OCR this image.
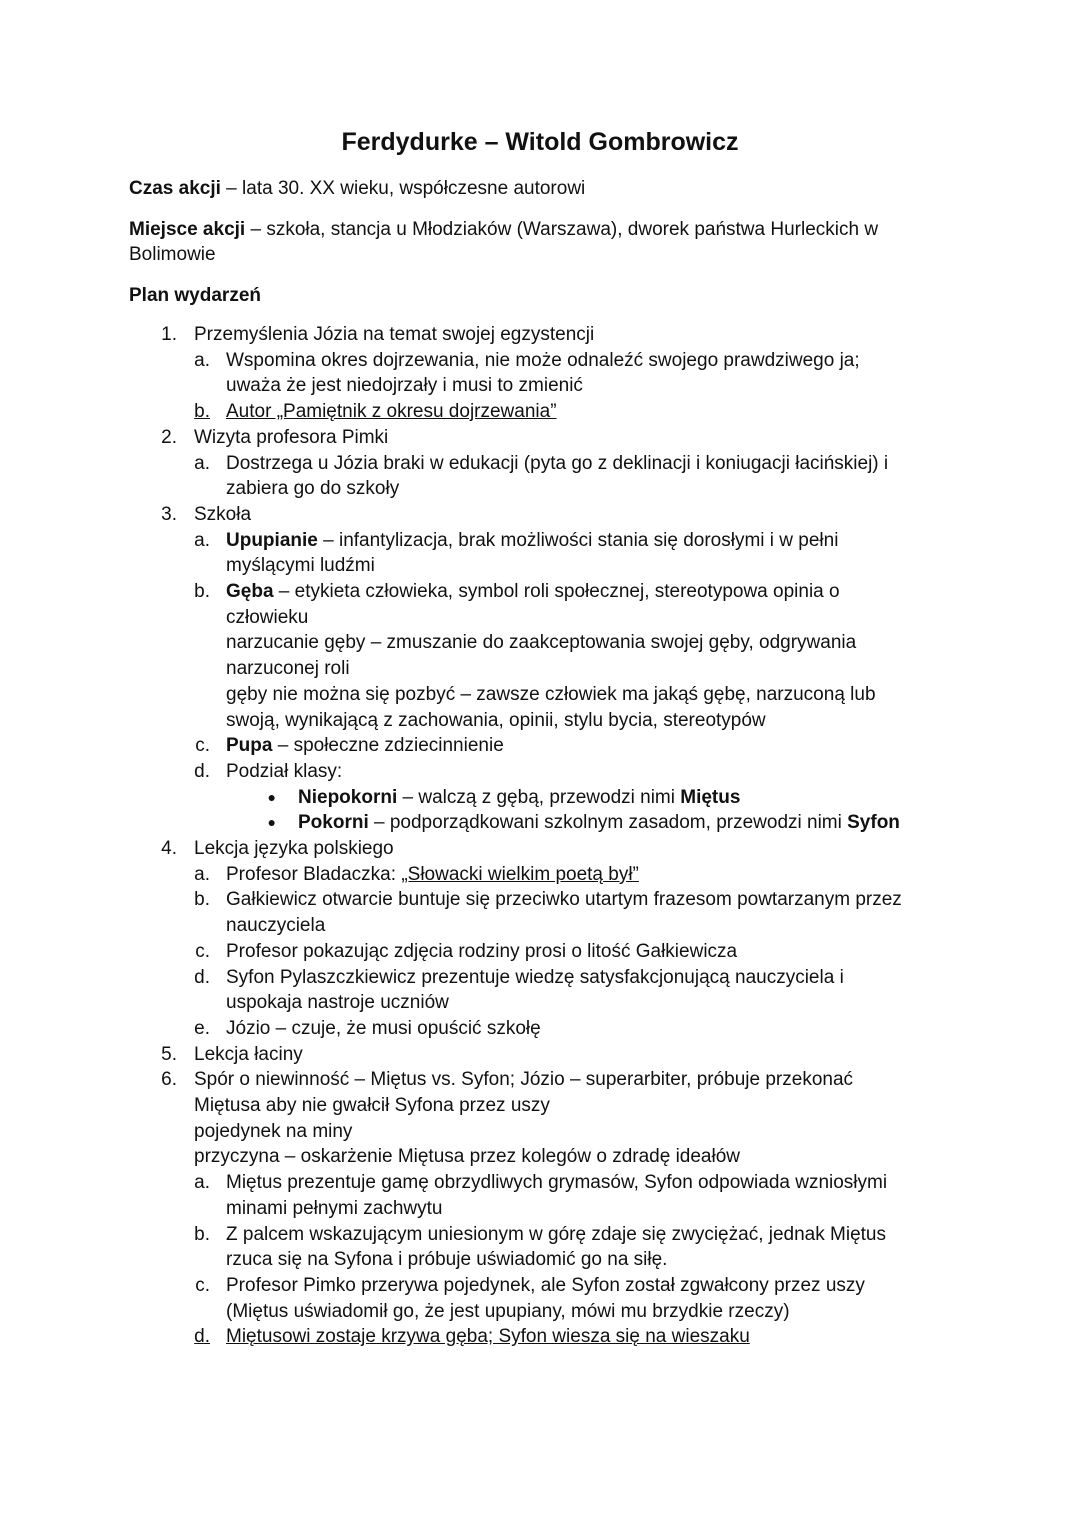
Ferdydurke – Witold Gombrowicz
Czas akcji – lata 30. XX wieku, współczesne autorowi
Miejsce akcji – szkoła, stancja u Młodziaków (Warszawa), dworek państwa Hurleckich w
Bolimowie
Plan wydarzeń
1. Przemyślenia Józia na temat swojej egzystencji
a. Wspomina okres dojrzewania, nie może odnaleźć swojego prawdziwego ja;
uważa że jest niedojrzały i musi to zmienić
b. Autor „Pamiętnik z okresu dojrzewania”
2. Wizyta profesora Pimki
a. Dostrzega u Józia braki w edukacji (pyta go z deklinacji i koniugacji łacińskiej) i
zabiera go do szkoły
3. Szkoła
a. Upupianie – infantylizacja, brak możliwości stania się dorosłymi i w pełni
myślącymi ludźmi
b. Gęba – etykieta człowieka, symbol roli społecznej, stereotypowa opinia o
człowieku
narzucanie gęby – zmuszanie do zaakceptowania swojej gęby, odgrywania
narzuconej roli
gęby nie można się pozbyć – zawsze człowiek ma jakąś gębę, narzuconą lub
swoją, wynikającą z zachowania, opinii, stylu bycia, stereotypów
c. Pupa – społeczne zdziecinnienie
d. Podział klasy:
● Niepokorni – walczą z gębą, przewodzi nimi Miętus
● Pokorni – podporządkowani szkolnym zasadom, przewodzi nimi Syfon
4. Lekcja języka polskiego
a. Profesor Bladaczka: „Słowacki wielkim poetą był”
b. Gałkiewicz otwarcie buntuje się przeciwko utartym frazesom powtarzanym przez
nauczyciela
c. Profesor pokazując zdjęcia rodziny prosi o litość Gałkiewicza
d. Syfon Pylaszczkiewicz prezentuje wiedzę satysfakcjonującą nauczyciela i
uspokaja nastroje uczniów
e. Józio – czuje, że musi opuścić szkołę
5. Lekcja łaciny
6. Spór o niewinność – Miętus vs. Syfon; Józio – superarbiter, próbuje przekonać
Miętusa aby nie gwałcił Syfona przez uszy
pojedynek na miny
przyczyna – oskarżenie Miętusa przez kolegów o zdradę ideałów
a. Miętus prezentuje gamę obrzydliwych grymasów, Syfon odpowiada wzniosłymi
minami pełnymi zachwytu
b. Z palcem wskazującym uniesionym w górę zdaje się zwyciężać, jednak Miętus
rzuca się na Syfona i próbuje uświadomić go na siłę.
c. Profesor Pimko przerywa pojedynek, ale Syfon został zgwałcony przez uszy
(Miętus uświadomił go, że jest upupiany, mówi mu brzydkie rzeczy)
d. Miętusowi zostaje krzywa gęba; Syfon wiesza się na wieszaku
